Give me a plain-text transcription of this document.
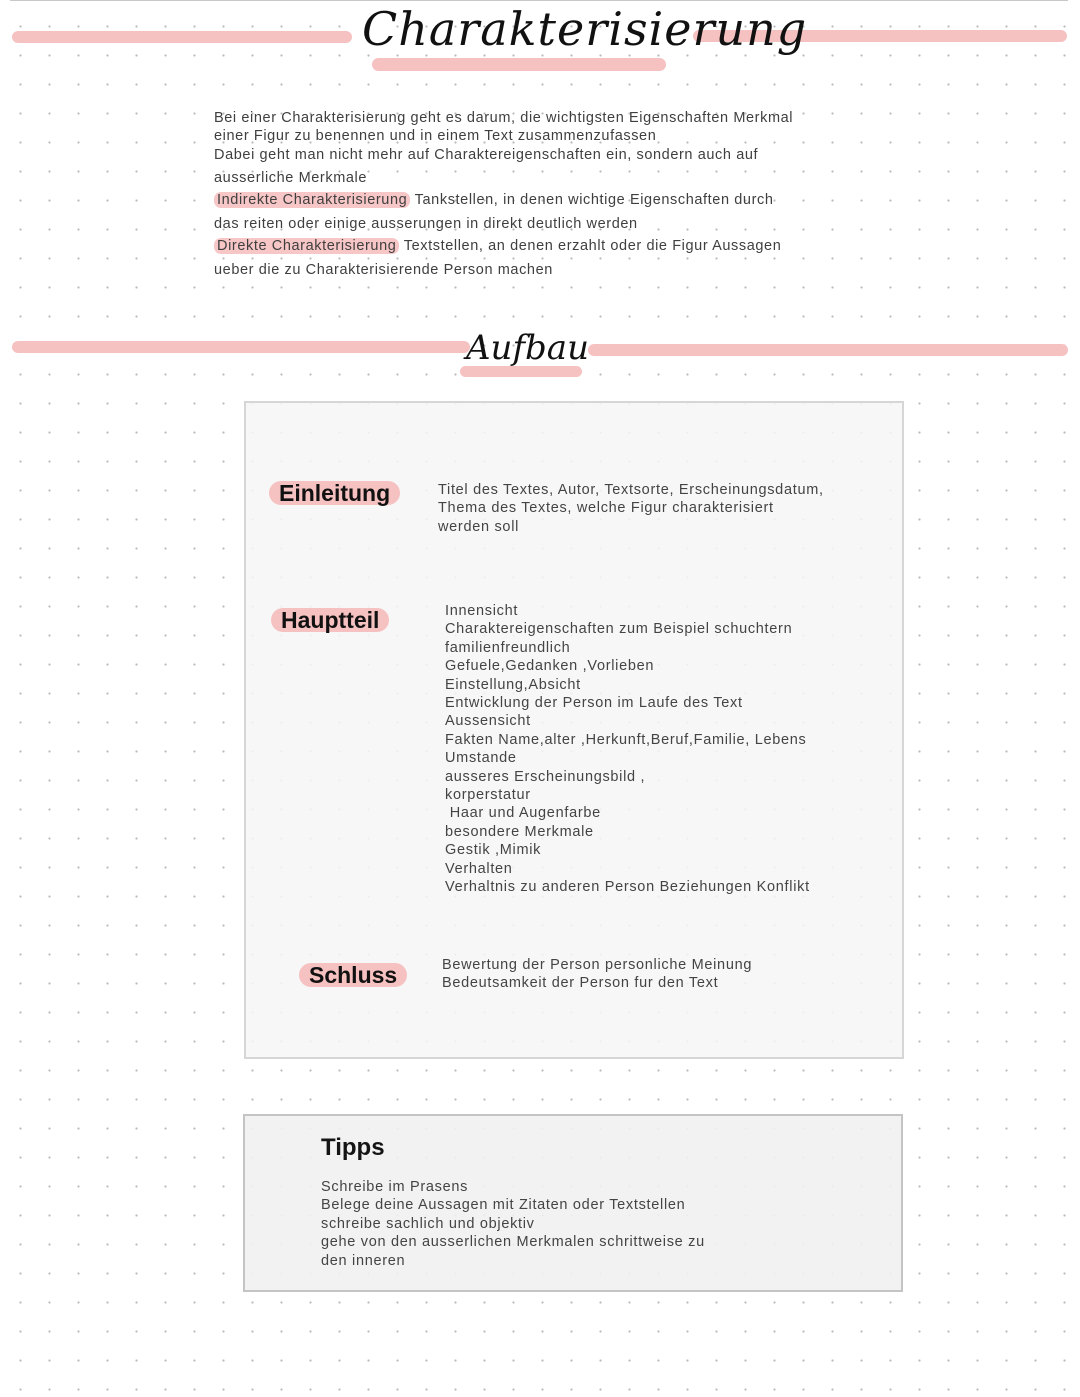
Charakterisierung
Bei einer Charakterisierung geht es darum, die wichtigsten Eigenschaften Merkmal
einer Figur zu benennen und in einem Text zusammenzufassen
Dabei geht man nicht mehr auf Charaktereigenschaften ein, sondern auch auf
ausserliche Merkmale
Indirekte Charakterisierung Tankstellen, in denen wichtige Eigenschaften durch
das reiten oder einige ausserungen in direkt deutlich werden
Direkte Charakterisierung Textstellen, an denen erzahlt oder die Figur Aussagen
ueber die zu Charakterisierende Person machen
Aufbau
Einleitung	Titel des Textes, Autor, Textsorte, Erscheinungsdatum,
Thema des Textes, welche Figur charakterisiert
werden soll
Hauptteil	Innensicht
Charaktereigenschaften zum Beispiel schuchtern
familienfreundlich
Gefuele,Gedanken ,Vorlieben
Einstellung,Absicht
Entwicklung der Person im Laufe des Text
Aussensicht
Fakten Name,alter ,Herkunft,Beruf,Familie, Lebens
Umstande
ausseres Erscheinungsbild ,
korperstatur
Haar und Augenfarbe
besondere Merkmale
Gestik ,Mimik
Verhalten
Verhaltnis zu anderen Person Beziehungen Konflikt
Schluss	Bewertung der Person personliche Meinung
Bedeutsamkeit der Person fur den Text
Tipps
Schreibe im Prasens
Belege deine Aussagen mit Zitaten oder Textstellen
schreibe sachlich und objektiv
gehe von den ausserlichen Merkmalen schrittweise zu
den inneren
